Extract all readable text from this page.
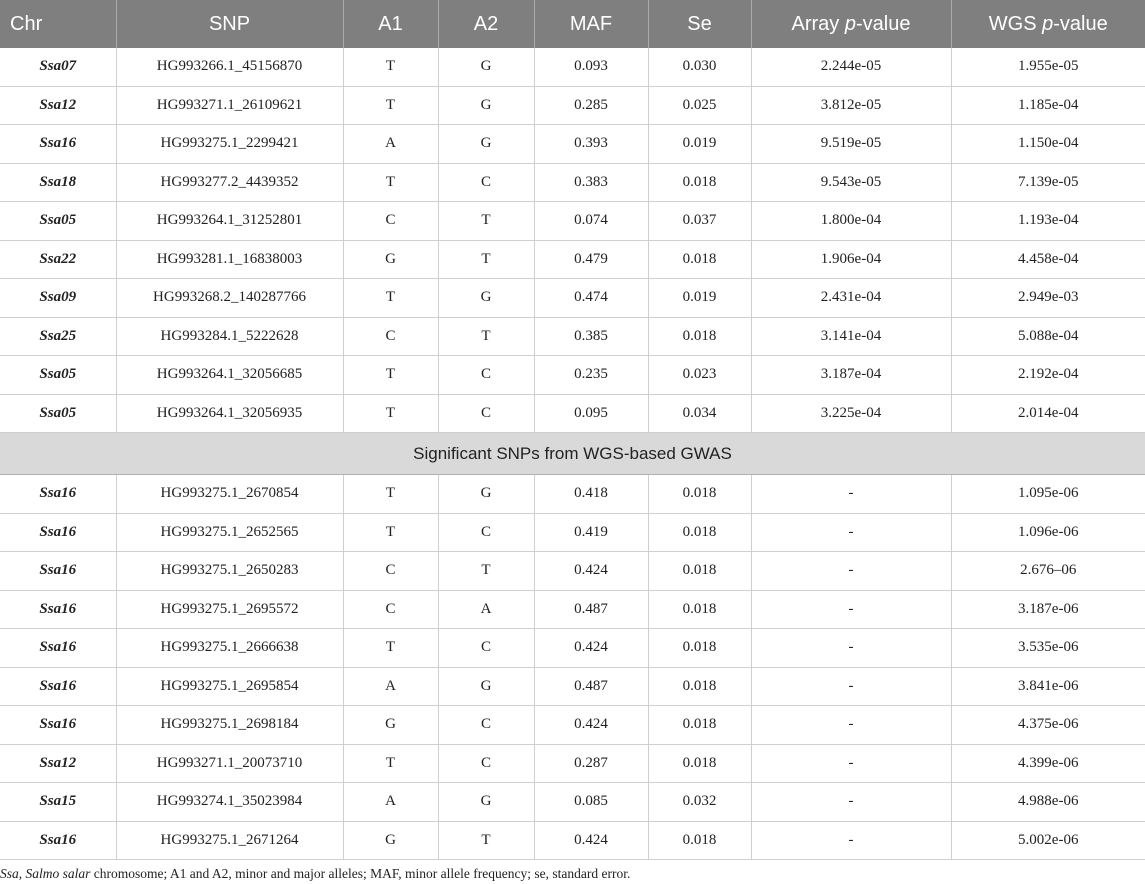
Chr	SNP	A1	A2	MAF	Se	Array p-value	WGS p-value
Ssa07	HG993266.1_45156870	T	G	0.093	0.030	2.244e-05	1.955e-05
Ssa12	HG993271.1_26109621	T	G	0.285	0.025	3.812e-05	1.185e-04
Ssa16	HG993275.1_2299421	A	G	0.393	0.019	9.519e-05	1.150e-04
Ssa18	HG993277.2_4439352	T	C	0.383	0.018	9.543e-05	7.139e-05
Ssa05	HG993264.1_31252801	C	T	0.074	0.037	1.800e-04	1.193e-04
Ssa22	HG993281.1_16838003	G	T	0.479	0.018	1.906e-04	4.458e-04
Ssa09	HG993268.2_140287766	T	G	0.474	0.019	2.431e-04	2.949e-03
Ssa25	HG993284.1_5222628	C	T	0.385	0.018	3.141e-04	5.088e-04
Ssa05	HG993264.1_32056685	T	C	0.235	0.023	3.187e-04	2.192e-04
Ssa05	HG993264.1_32056935	T	C	0.095	0.034	3.225e-04	2.014e-04
Significant SNPs from WGS-based GWAS							
Ssa16	HG993275.1_2670854	T	G	0.418	0.018	-	1.095e-06
Ssa16	HG993275.1_2652565	T	C	0.419	0.018	-	1.096e-06
Ssa16	HG993275.1_2650283	C	T	0.424	0.018	-	2.676–06
Ssa16	HG993275.1_2695572	C	A	0.487	0.018	-	3.187e-06
Ssa16	HG993275.1_2666638	T	C	0.424	0.018	-	3.535e-06
Ssa16	HG993275.1_2695854	A	G	0.487	0.018	-	3.841e-06
Ssa16	HG993275.1_2698184	G	C	0.424	0.018	-	4.375e-06
Ssa12	HG993271.1_20073710	T	C	0.287	0.018	-	4.399e-06
Ssa15	HG993274.1_35023984	A	G	0.085	0.032	-	4.988e-06
Ssa16	HG993275.1_2671264	G	T	0.424	0.018	-	5.002e-06
Ssa, Salmo salar chromosome; A1 and A2, minor and major alleles; MAF, minor allele frequency; se, standard error.
